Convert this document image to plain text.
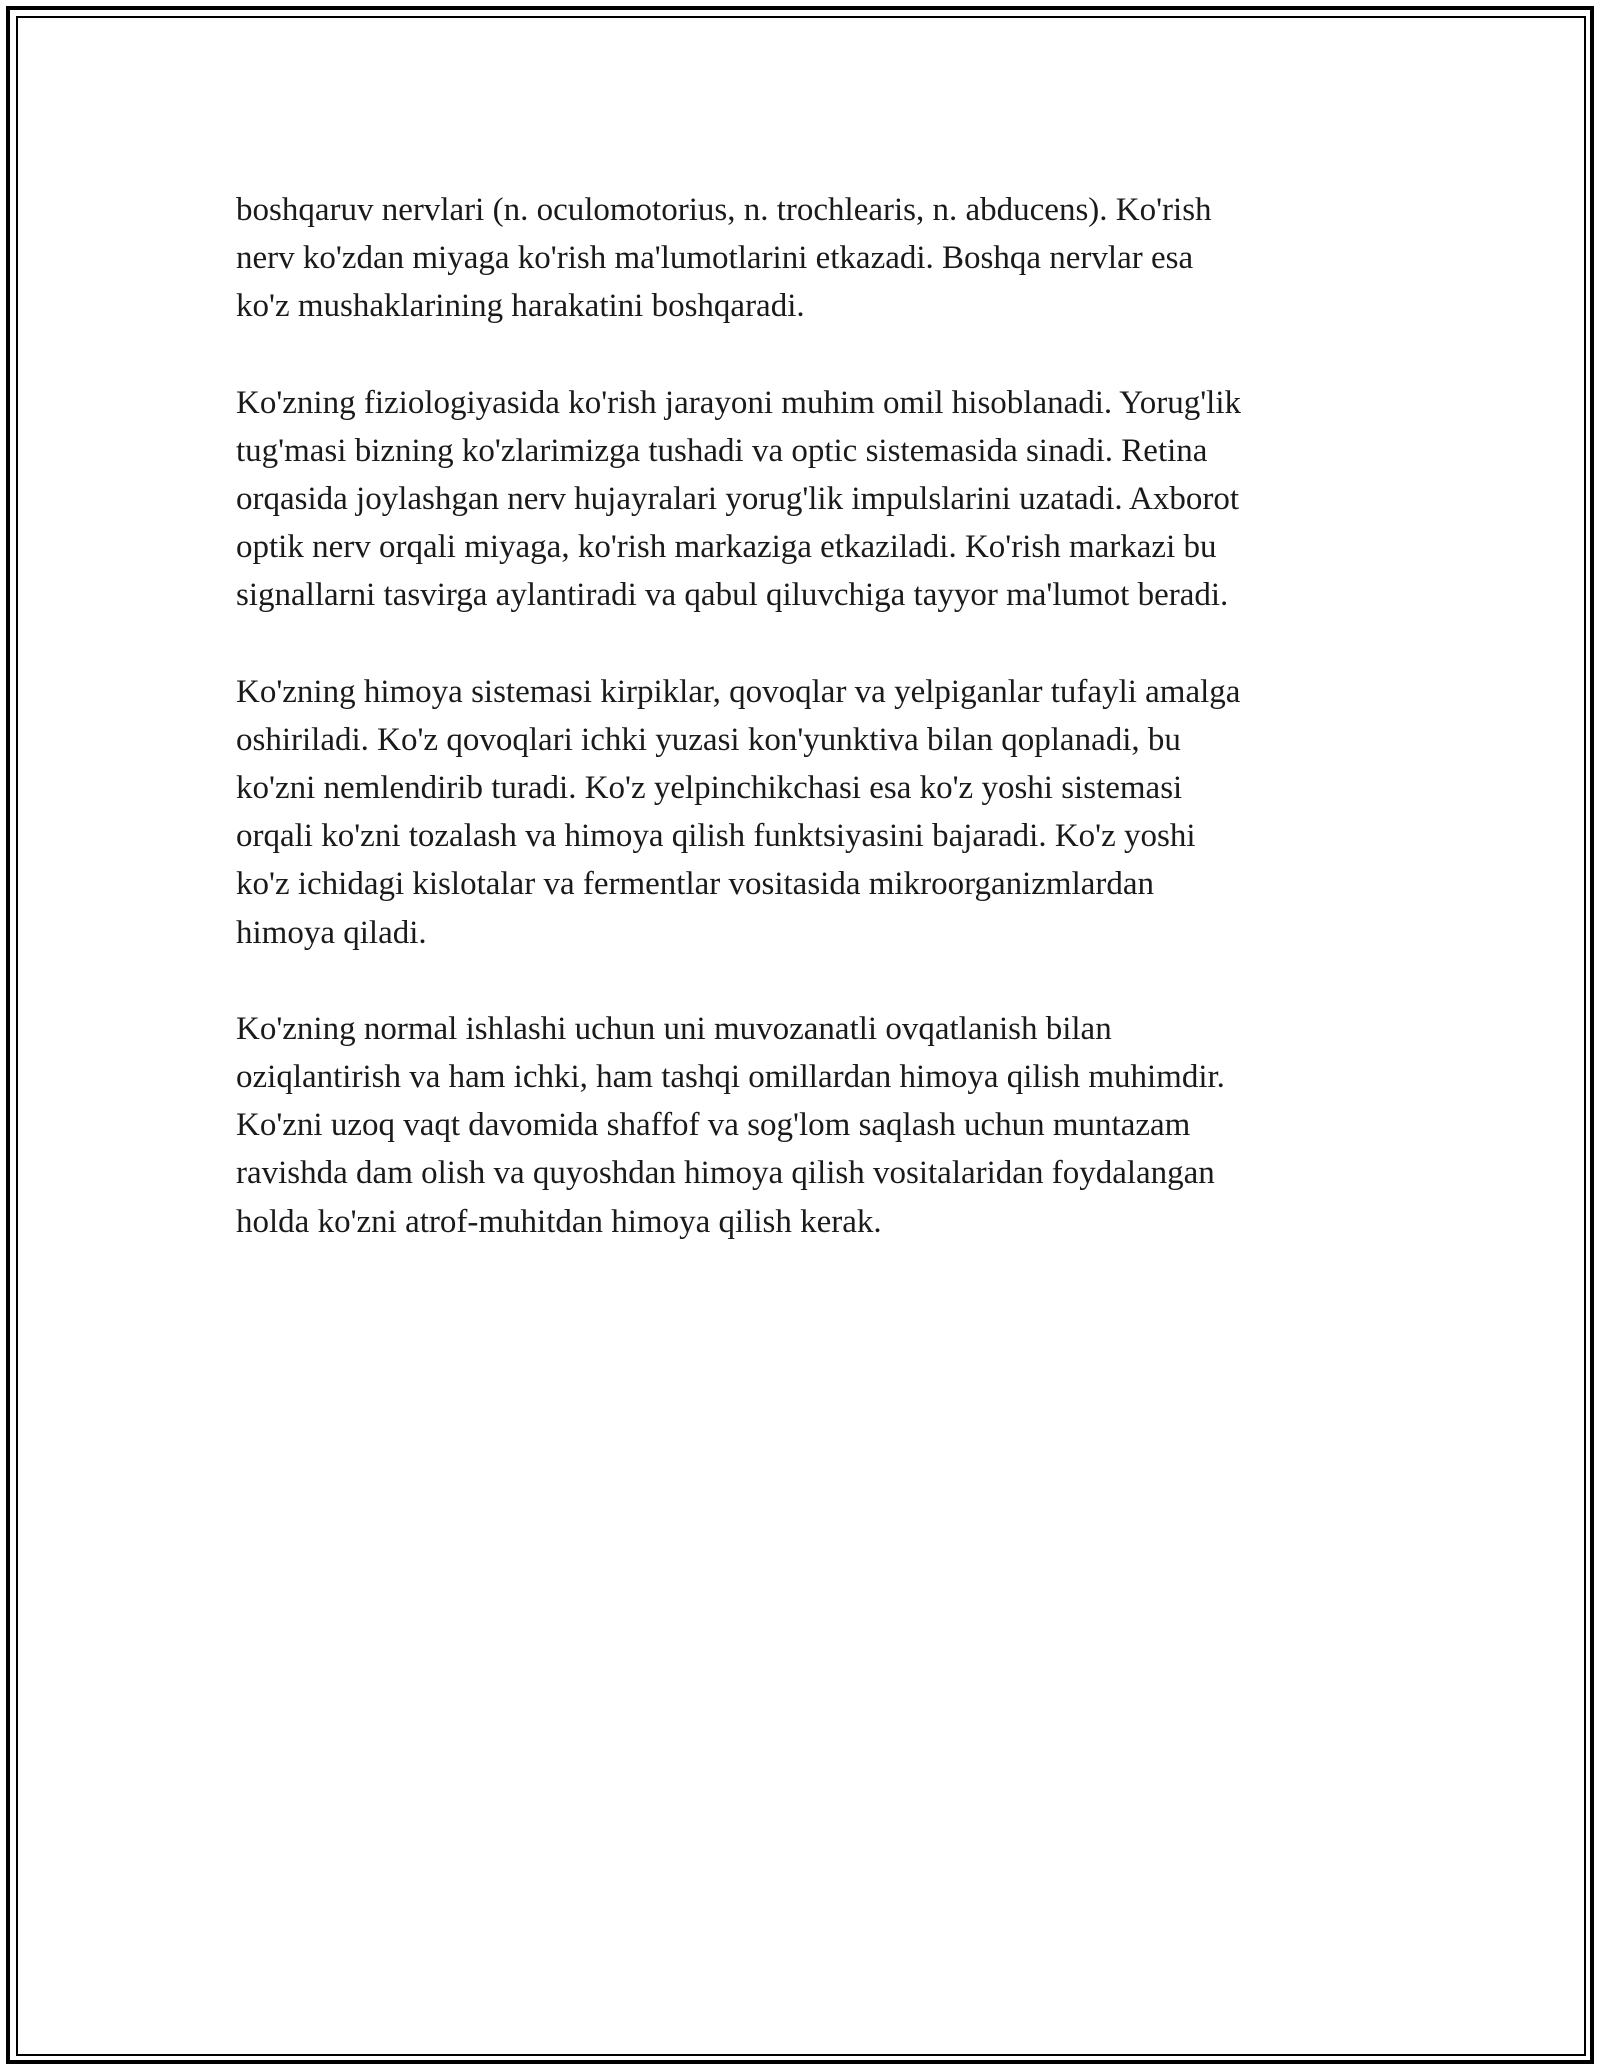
boshqaruv nervlari (n. oculomotorius, n. trochlearis, n. abducens). Ko'rish
nerv ko'zdan miyaga ko'rish ma'lumotlarini etkazadi. Boshqa nervlar esa
ko'z mushaklarining harakatini boshqaradi.

Ko'zning fiziologiyasida ko'rish jarayoni muhim omil hisoblanadi. Yorug'lik
tug'masi bizning ko'zlarimizga tushadi va optic sistemasida sinadi. Retina
orqasida joylashgan nerv hujayralari yorug'lik impulslarini uzatadi. Axborot
optik nerv orqali miyaga, ko'rish markaziga etkaziladi. Ko'rish markazi bu
signallarni tasvirga aylantiradi va qabul qiluvchiga tayyor ma'lumot beradi.

Ko'zning himoya sistemasi kirpiklar, qovoqlar va yelpiganlar tufayli amalga
oshiriladi. Ko'z qovoqlari ichki yuzasi kon'yunktiva bilan qoplanadi, bu
ko'zni nemlendirib turadi. Ko'z yelpinchikchasi esa ko'z yoshi sistemasi
orqali ko'zni tozalash va himoya qilish funktsiyasini bajaradi. Ko'z yoshi
ko'z ichidagi kislotalar va fermentlar vositasida mikroorganizmlardan
himoya qiladi.

Ko'zning normal ishlashi uchun uni muvozanatli ovqatlanish bilan
oziqlantirish va ham ichki, ham tashqi omillardan himoya qilish muhimdir.
Ko'zni uzoq vaqt davomida shaffof va sog'lom saqlash uchun muntazam
ravishda dam olish va quyoshdan himoya qilish vositalaridan foydalangan
holda ko'zni atrof-muhitdan himoya qilish kerak.
